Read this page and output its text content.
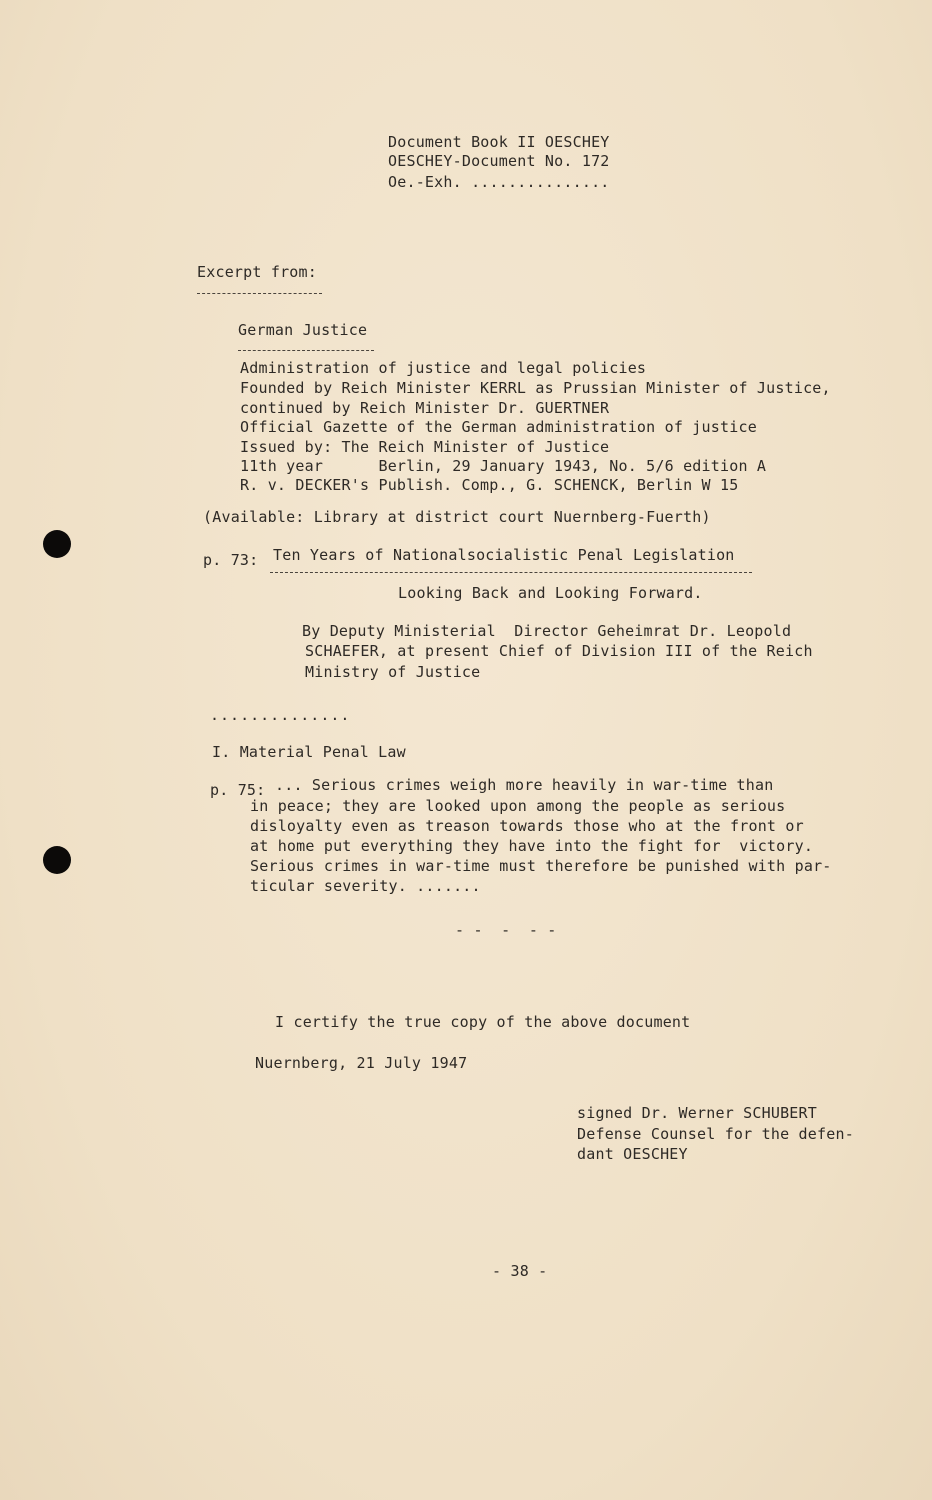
Document Book II OESCHEY
OESCHEY-Document No. 172
Oe.-Exh. ...............
Excerpt from:
German Justice
Administration of justice and legal policies
Founded by Reich Minister KERRL as Prussian Minister of Justice,
continued by Reich Minister Dr. GUERTNER
Official Gazette of the German administration of justice
Issued by: The Reich Minister of Justice
11th year      Berlin, 29 January 1943, No. 5/6 edition A
R. v. DECKER's Publish. Comp., G. SCHENCK, Berlin W 15
(Available: Library at district court Nuernberg-Fuerth)
p. 73: Ten Years of Nationalsocialistic Penal Legislation
Looking Back and Looking Forward.
By Deputy Ministerial  Director Geheimrat Dr. Leopold
SCHAEFER, at present Chief of Division III of the Reich
Ministry of Justice
..............
I. Material Penal Law
p. 75: ... Serious crimes weigh more heavily in war-time than
in peace; they are looked upon among the people as serious
disloyalty even as treason towards those who at the front or
at home put everything they have into the fight for  victory.
Serious crimes in war-time must therefore be punished with par-
ticular severity. .......
- -  -  - -
I certify the true copy of the above document
Nuernberg, 21 July 1947
signed Dr. Werner SCHUBERT
Defense Counsel for the defen-
dant OESCHEY
- 38 -
